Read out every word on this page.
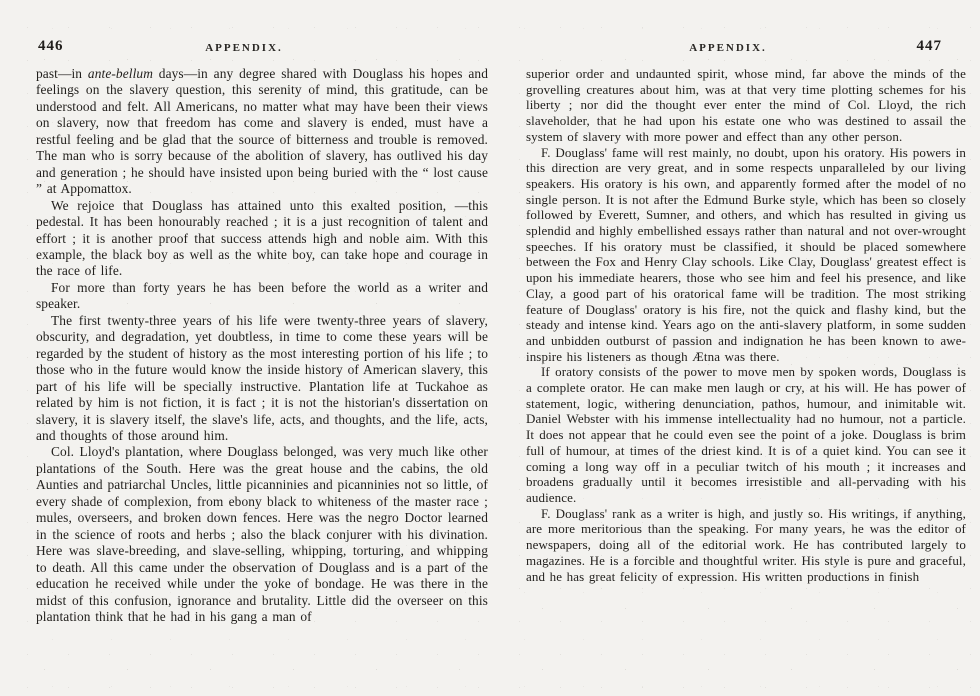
446	APPENDIX.

past—in ante-bellum days—in any degree shared with Douglass his hopes and feelings on the slavery question, this serenity of mind, this gratitude, can be understood and felt. All Americans, no matter what may have been their views on slavery, now that freedom has come and slavery is ended, must have a restful feeling and be glad that the source of bitterness and trouble is removed. The man who is sorry because of the abolition of slavery, has outlived his day and generation ; he should have insisted upon being buried with the “ lost cause ” at Appomattox.

We rejoice that Douglass has attained unto this exalted position, —this pedestal. It has been honourably reached ; it is a just recognition of talent and effort ; it is another proof that success attends high and noble aim. With this example, the black boy as well as the white boy, can take hope and courage in the race of life.

For more than forty years he has been before the world as a writer and speaker.

The first twenty-three years of his life were twenty-three years of slavery, obscurity, and degradation, yet doubtless, in time to come these years will be regarded by the student of history as the most interesting portion of his life ; to those who in the future would know the inside history of American slavery, this part of his life will be specially instructive. Plantation life at Tuckahoe as related by him is not fiction, it is fact ; it is not the historian's dissertation on slavery, it is slavery itself, the slave's life, acts, and thoughts, and the life, acts, and thoughts of those around him.

Col. Lloyd's plantation, where Douglass belonged, was very much like other plantations of the South. Here was the great house and the cabins, the old Aunties and patriarchal Uncles, little picanninies and picanninies not so little, of every shade of complexion, from ebony black to whiteness of the master race ; mules, overseers, and broken down fences. Here was the negro Doctor learned in the science of roots and herbs ; also the black conjurer with his divination. Here was slave-breeding, and slave-selling, whipping, torturing, and whipping to death. All this came under the observation of Douglass and is a part of the education he received while under the yoke of bondage. He was there in the midst of this confusion, ignorance and brutality. Little did the overseer on this plantation think that he had in his gang a man of

APPENDIX.	447

superior order and undaunted spirit, whose mind, far above the minds of the grovelling creatures about him, was at that very time plotting schemes for his liberty ; nor did the thought ever enter the mind of Col. Lloyd, the rich slaveholder, that he had upon his estate one who was destined to assail the system of slavery with more power and effect than any other person.

F. Douglass' fame will rest mainly, no doubt, upon his oratory. His powers in this direction are very great, and in some respects unparalleled by our living speakers. His oratory is his own, and apparently formed after the model of no single person. It is not after the Edmund Burke style, which has been so closely followed by Everett, Sumner, and others, and which has resulted in giving us splendid and highly embellished essays rather than natural and not over-wrought speeches. If his oratory must be classified, it should be placed somewhere between the Fox and Henry Clay schools. Like Clay, Douglass' greatest effect is upon his immediate hearers, those who see him and feel his presence, and like Clay, a good part of his oratorical fame will be tradition. The most striking feature of Douglass' oratory is his fire, not the quick and flashy kind, but the steady and intense kind. Years ago on the anti-slavery platform, in some sudden and unbidden outburst of passion and indignation he has been known to awe-inspire his listeners as though Ætna was there.

If oratory consists of the power to move men by spoken words, Douglass is a complete orator. He can make men laugh or cry, at his will. He has power of statement, logic, withering denunciation, pathos, humour, and inimitable wit. Daniel Webster with his immense intellectuality had no humour, not a particle. It does not appear that he could even see the point of a joke. Douglass is brim full of humour, at times of the driest kind. It is of a quiet kind. You can see it coming a long way off in a peculiar twitch of his mouth ; it increases and broadens gradually until it becomes irresistible and all-pervading with his audience.

F. Douglass' rank as a writer is high, and justly so. His writings, if anything, are more meritorious than the speaking. For many years, he was the editor of newspapers, doing all of the editorial work. He has contributed largely to magazines. He is a forcible and thoughtful writer. His style is pure and graceful, and he has great felicity of expression. His written productions in finish
